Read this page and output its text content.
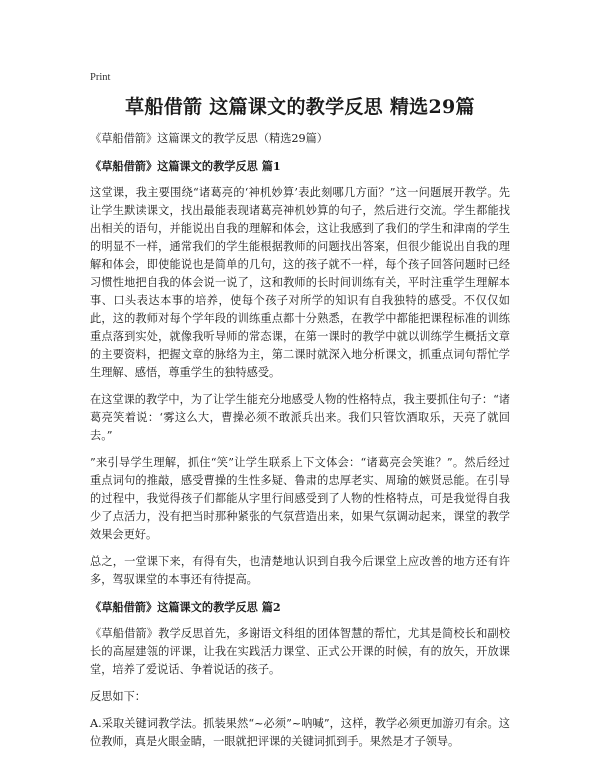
Print
草船借箭 这篇课文的教学反思 精选29篇
《草船借箭》这篇课文的教学反思（精选29篇）
《草船借箭》这篇课文的教学反思 篇1
这堂课，我主要围绕“诸葛亮的‘神机妙算’表此刻哪几方面？”这一问题展开教学。先让学生默读课文，找出最能表现诸葛亮神机妙算的句子，然后进行交流。学生都能找出相关的语句，并能说出自我的理解和体会，这让我感到了我们的学生和津南的学生的明显不一样，通常我们的学生能根据教师的问题找出答案，但很少能说出自我的理解和体会，即使能说也是简单的几句，这的孩子就不一样，每个孩子回答问题时已经习惯性地把自我的体会说一说了，这和教师的长时间训练有关，平时注重学生理解本事、口头表达本事的培养，使每个孩子对所学的知识有自我独特的感受。不仅仅如此，这的教师对每个学年段的训练重点都十分熟悉，在教学中都能把课程标准的训练重点落到实处，就像我听导师的常态课，在第一课时的教学中就以训练学生概括文章的主要资料，把握文章的脉络为主，第二课时就深入地分析课文，抓重点词句帮忙学生理解、感悟，尊重学生的独特感受。
在这堂课的教学中，为了让学生能充分地感受人物的性格特点，我主要抓住句子：“诸葛亮笑着说：‘雾这么大，曹操必须不敢派兵出来。我们只管饮酒取乐，天亮了就回去。”
”来引导学生理解，抓住“笑”让学生联系上下文体会：“诸葛亮会笑谁？”。然后经过重点词句的推敲，感受曹操的生性多疑、鲁肃的忠厚老实、周瑜的嫉贤忌能。在引导的过程中，我觉得孩子们都能从字里行间感受到了人物的性格特点，可是我觉得自我少了点活力，没有把当时那种紧张的气氛营造出来，如果气氛调动起来，课堂的教学效果会更好。
总之，一堂课下来，有得有失，也清楚地认识到自我今后课堂上应改善的地方还有许多，驾驭课堂的本事还有待提高。
《草船借箭》这篇课文的教学反思 篇2
《草船借箭》教学反思首先，多谢语文科组的团体智慧的帮忙，尤其是简校长和副校长的高屋建瓴的评课，让我在实践活力课堂、正式公开课的时候，有的放矢，开放课堂，培养了爱说话、争着说话的孩子。
反思如下：
A.采取关键词教学法。抓装果然“~必须”~呐喊”，这样，教学必须更加游刃有余。这位教师，真是火眼金睛，一眼就把评课的关键词抓到手。果然是才子领导。
